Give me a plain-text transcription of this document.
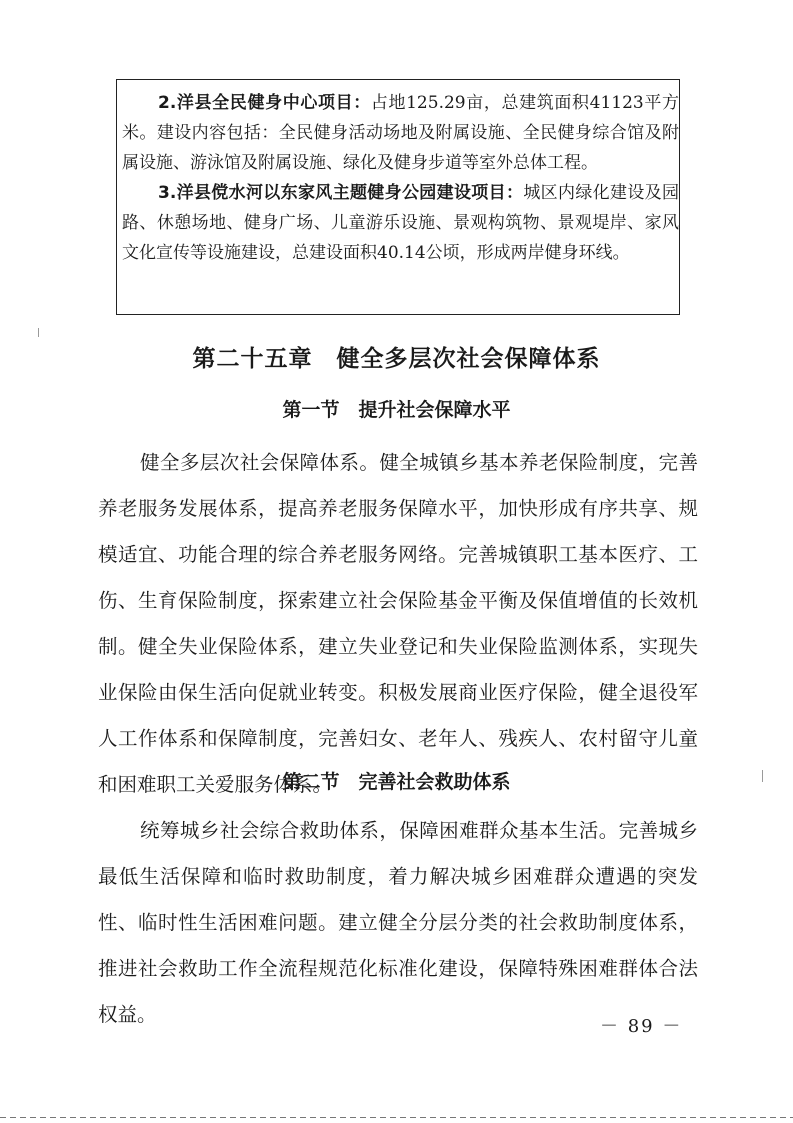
2.洋县全民健身中心项目：占地125.29亩，总建筑面积41123平方米。建设内容包括：全民健身活动场地及附属设施、全民健身综合馆及附属设施、游泳馆及附属设施、绿化及健身步道等室外总体工程。

3.洋县傥水河以东家风主题健身公园建设项目：城区内绿化建设及园路、休憩场地、健身广场、儿童游乐设施、景观构筑物、景观堤岸、家风文化宣传等设施建设，总建设面积40.14公顷，形成两岸健身环线。

第二十五章　健全多层次社会保障体系
第一节　提升社会保障水平

健全多层次社会保障体系。健全城镇乡基本养老保险制度，完善养老服务发展体系，提高养老服务保障水平，加快形成有序共享、规模适宜、功能合理的综合养老服务网络。完善城镇职工基本医疗、工伤、生育保险制度，探索建立社会保险基金平衡及保值增值的长效机制。健全失业保险体系，建立失业登记和失业保险监测体系，实现失业保险由保生活向促就业转变。积极发展商业医疗保险，健全退役军人工作体系和保障制度，完善妇女、老年人、残疾人、农村留守儿童和困难职工关爱服务体系。

第二节　完善社会救助体系

统筹城乡社会综合救助体系，保障困难群众基本生活。完善城乡最低生活保障和临时救助制度，着力解决城乡困难群众遭遇的突发性、临时性生活困难问题。建立健全分层分类的社会救助制度体系，推进社会救助工作全流程规范化标准化建设，保障特殊困难群体合法权益。

－ 89 －
